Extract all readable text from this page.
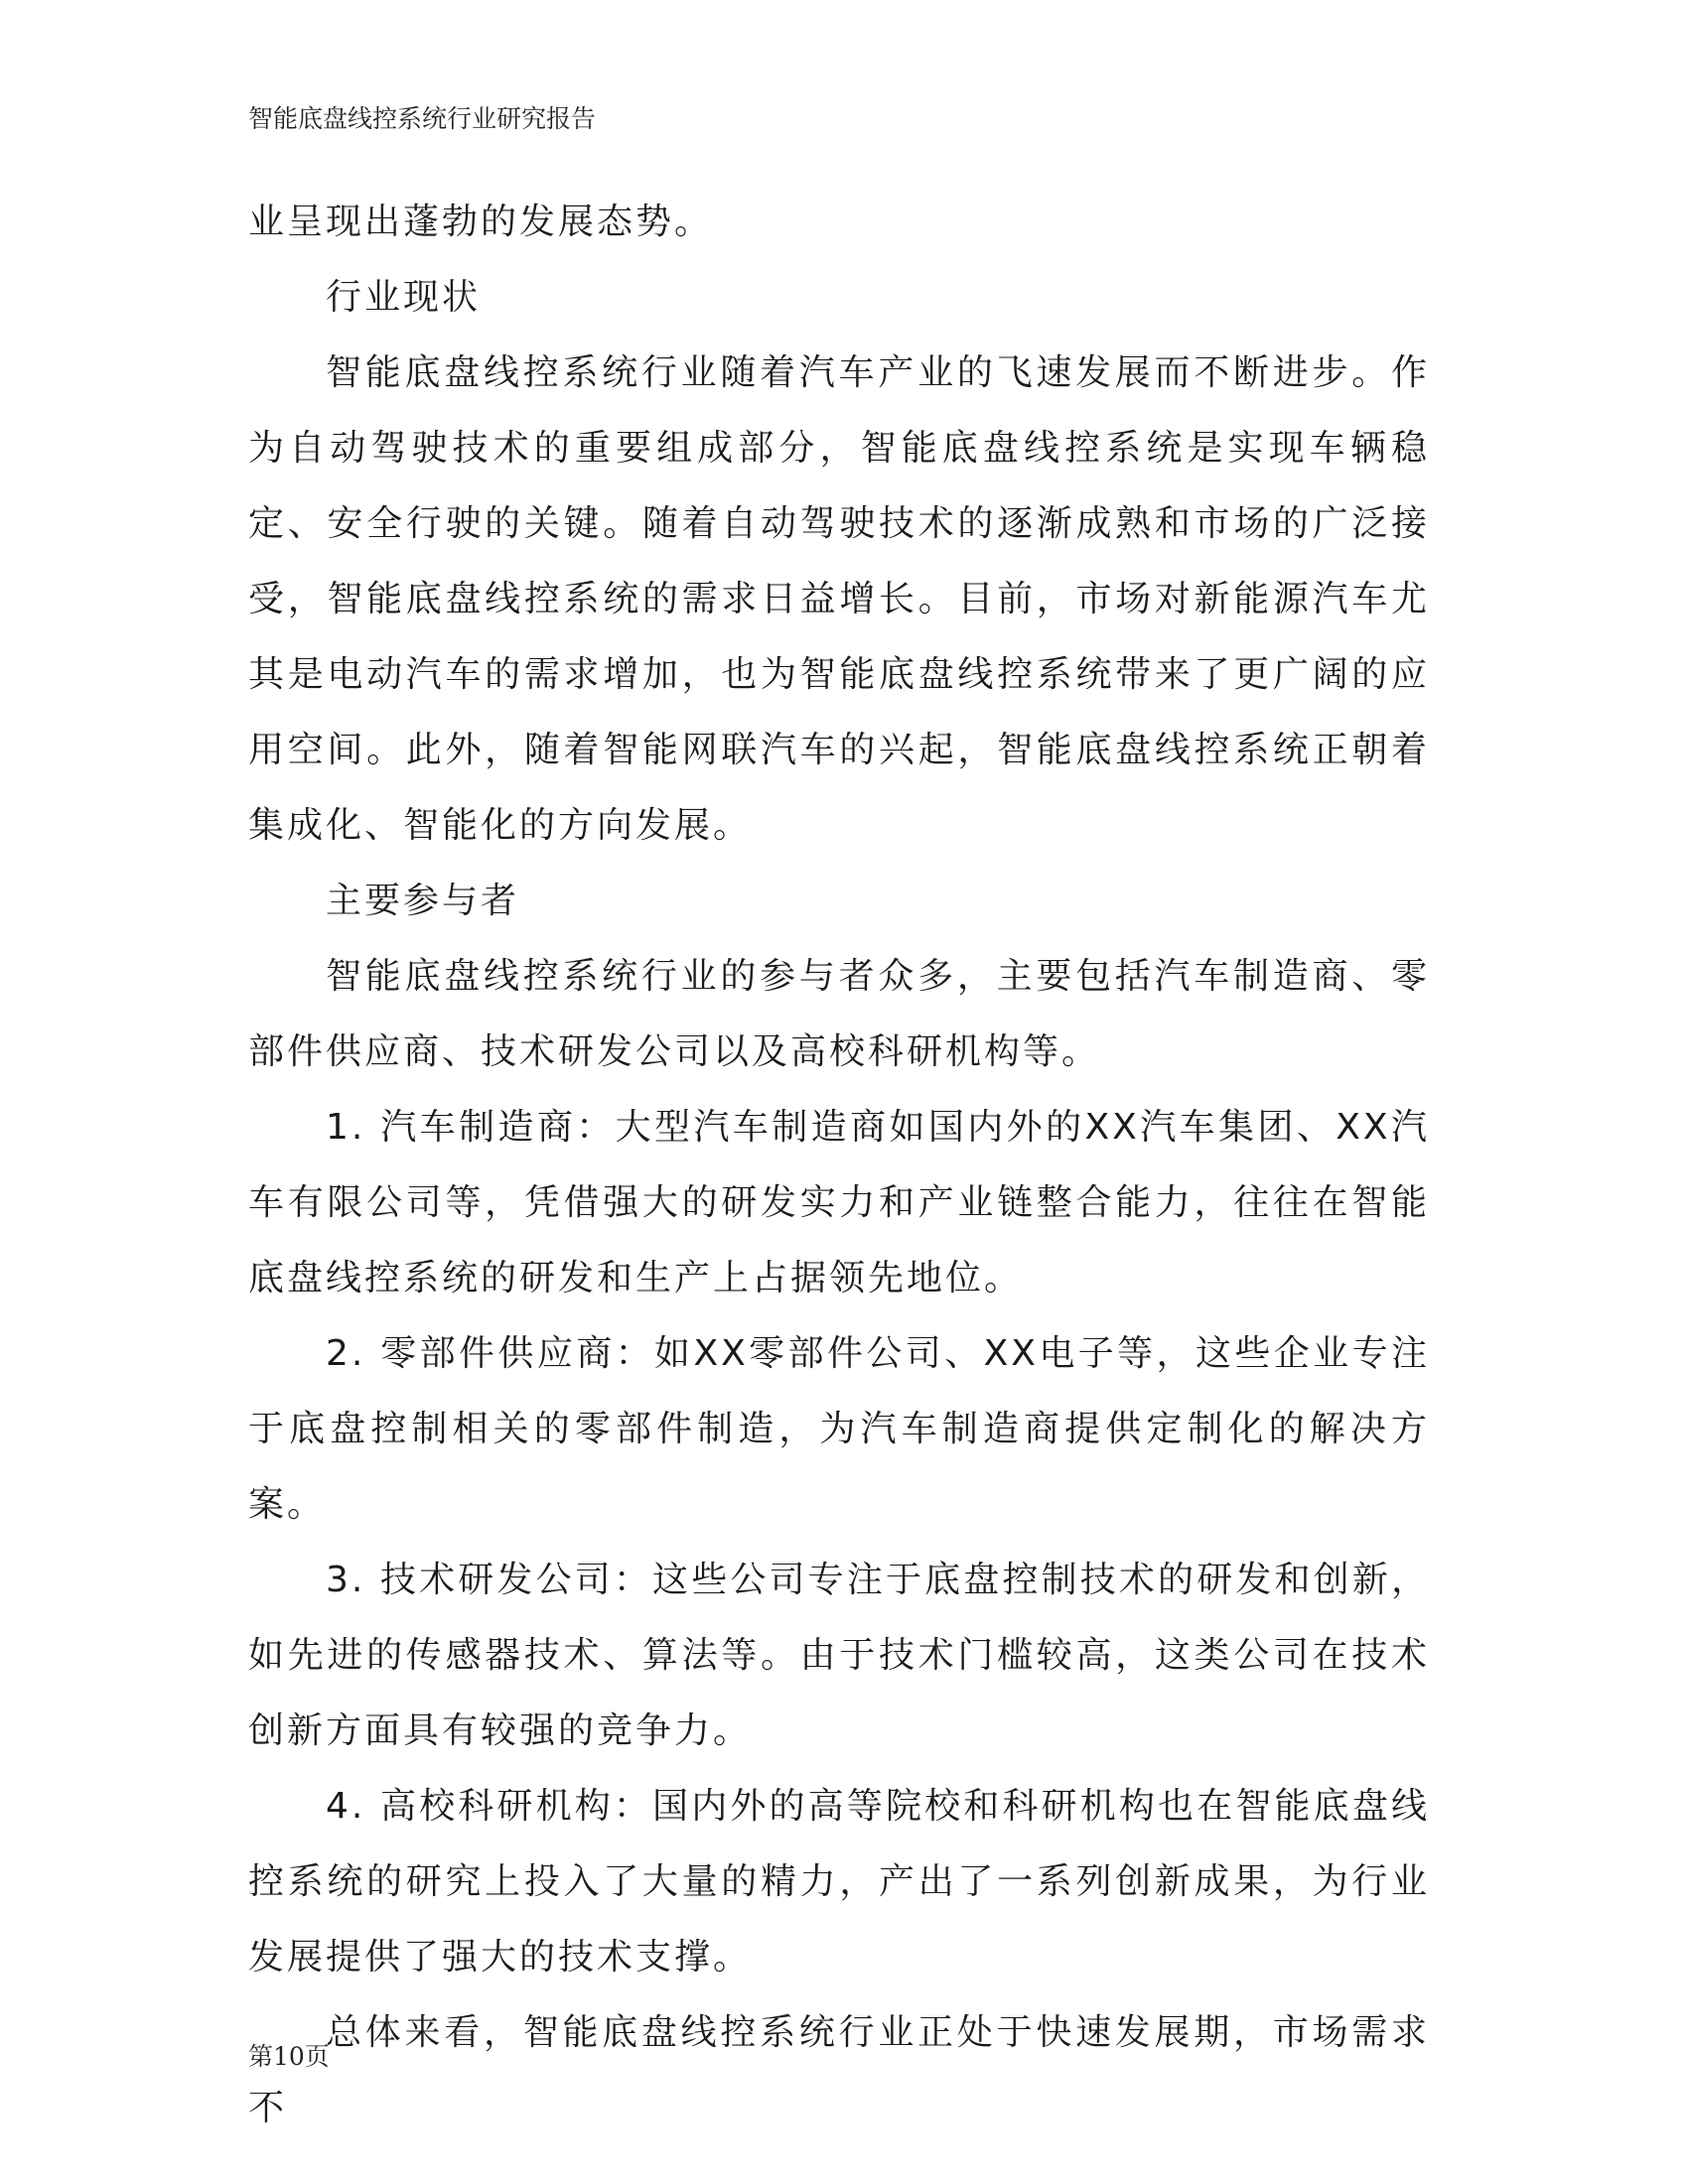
智能底盘线控系统行业研究报告

业呈现出蓬勃的发展态势。

行业现状

智能底盘线控系统行业随着汽车产业的飞速发展而不断进步。作为自动驾驶技术的重要组成部分，智能底盘线控系统是实现车辆稳定、安全行驶的关键。随着自动驾驶技术的逐渐成熟和市场的广泛接受，智能底盘线控系统的需求日益增长。目前，市场对新能源汽车尤其是电动汽车的需求增加，也为智能底盘线控系统带来了更广阔的应用空间。此外，随着智能网联汽车的兴起，智能底盘线控系统正朝着集成化、智能化的方向发展。

主要参与者

智能底盘线控系统行业的参与者众多，主要包括汽车制造商、零部件供应商、技术研发公司以及高校科研机构等。

1. 汽车制造商：大型汽车制造商如国内外的XX汽车集团、XX汽车有限公司等，凭借强大的研发实力和产业链整合能力，往往在智能底盘线控系统的研发和生产上占据领先地位。

2. 零部件供应商：如XX零部件公司、XX电子等，这些企业专注于底盘控制相关的零部件制造，为汽车制造商提供定制化的解决方案。

3. 技术研发公司：这些公司专注于底盘控制技术的研发和创新，如先进的传感器技术、算法等。由于技术门槛较高，这类公司在技术创新方面具有较强的竞争力。

4. 高校科研机构：国内外的高等院校和科研机构也在智能底盘线控系统的研究上投入了大量的精力，产出了一系列创新成果，为行业发展提供了强大的技术支撑。

总体来看，智能底盘线控系统行业正处于快速发展期，市场需求不

第10页
